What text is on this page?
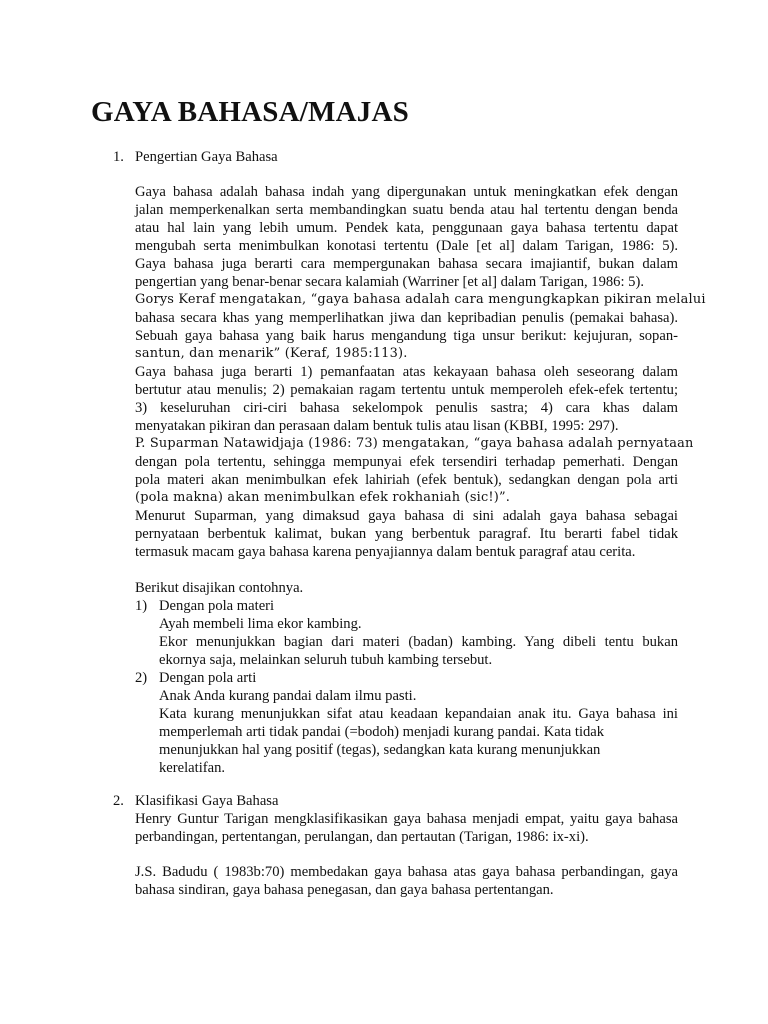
GAYA BAHASA/MAJAS
1. Pengertian Gaya Bahasa
Gaya bahasa adalah bahasa indah yang dipergunakan untuk meningkatkan efek dengan
jalan memperkenalkan serta membandingkan suatu benda atau hal tertentu dengan benda
atau hal lain yang lebih umum. Pendek kata, penggunaan gaya bahasa tertentu dapat
mengubah serta menimbulkan konotasi tertentu (Dale [et al] dalam Tarigan, 1986: 5).
Gaya bahasa juga berarti cara mempergunakan bahasa secara imajiantif, bukan dalam
pengertian yang benar-benar secara kalamiah (Warriner [et al] dalam Tarigan, 1986: 5).
Gorys Keraf mengatakan, “gaya bahasa adalah cara mengungkapkan pikiran melalui
bahasa secara khas yang memperlihatkan jiwa dan kepribadian penulis (pemakai bahasa).
Sebuah gaya bahasa yang baik harus mengandung tiga unsur berikut: kejujuran, sopan-
santun, dan menarik” (Keraf, 1985:113).
Gaya bahasa juga berarti 1) pemanfaatan atas kekayaan bahasa oleh seseorang dalam
bertutur atau menulis; 2) pemakaian ragam tertentu untuk memperoleh efek-efek tertentu;
3) keseluruhan ciri-ciri bahasa sekelompok penulis sastra; 4) cara khas dalam
menyatakan pikiran dan perasaan dalam bentuk tulis atau lisan (KBBI, 1995: 297).
P. Suparman Natawidjaja (1986: 73) mengatakan, “gaya bahasa adalah pernyataan
dengan pola tertentu, sehingga mempunyai efek tersendiri terhadap pemerhati. Dengan
pola materi akan menimbulkan efek lahiriah (efek bentuk), sedangkan dengan pola arti
(pola makna) akan menimbulkan efek rokhaniah (sic!)”.
Menurut Suparman, yang dimaksud gaya bahasa di sini adalah gaya bahasa sebagai
pernyataan berbentuk kalimat, bukan yang berbentuk paragraf. Itu berarti fabel tidak
termasuk macam gaya bahasa karena penyajiannya dalam bentuk paragraf atau cerita.
Berikut disajikan contohnya.
1) Dengan pola materi
Ayah membeli lima ekor kambing.
Ekor menunjukkan bagian dari materi (badan) kambing. Yang dibeli tentu bukan
ekornya saja, melainkan seluruh tubuh kambing tersebut.
2) Dengan pola arti
Anak Anda kurang pandai dalam ilmu pasti.
Kata kurang menunjukkan sifat atau keadaan kepandaian anak itu. Gaya bahasa ini
memperlemah arti tidak pandai (=bodoh) menjadi kurang pandai. Kata tidak
menunjukkan hal yang positif (tegas), sedangkan kata kurang menunjukkan
kerelatifan.
2. Klasifikasi Gaya Bahasa
Henry Guntur Tarigan mengklasifikasikan gaya bahasa menjadi empat, yaitu gaya bahasa
perbandingan, pertentangan, perulangan, dan pertautan (Tarigan, 1986: ix-xi).
J.S. Badudu ( 1983b:70) membedakan gaya bahasa atas gaya bahasa perbandingan, gaya
bahasa sindiran, gaya bahasa penegasan, dan gaya bahasa pertentangan.
